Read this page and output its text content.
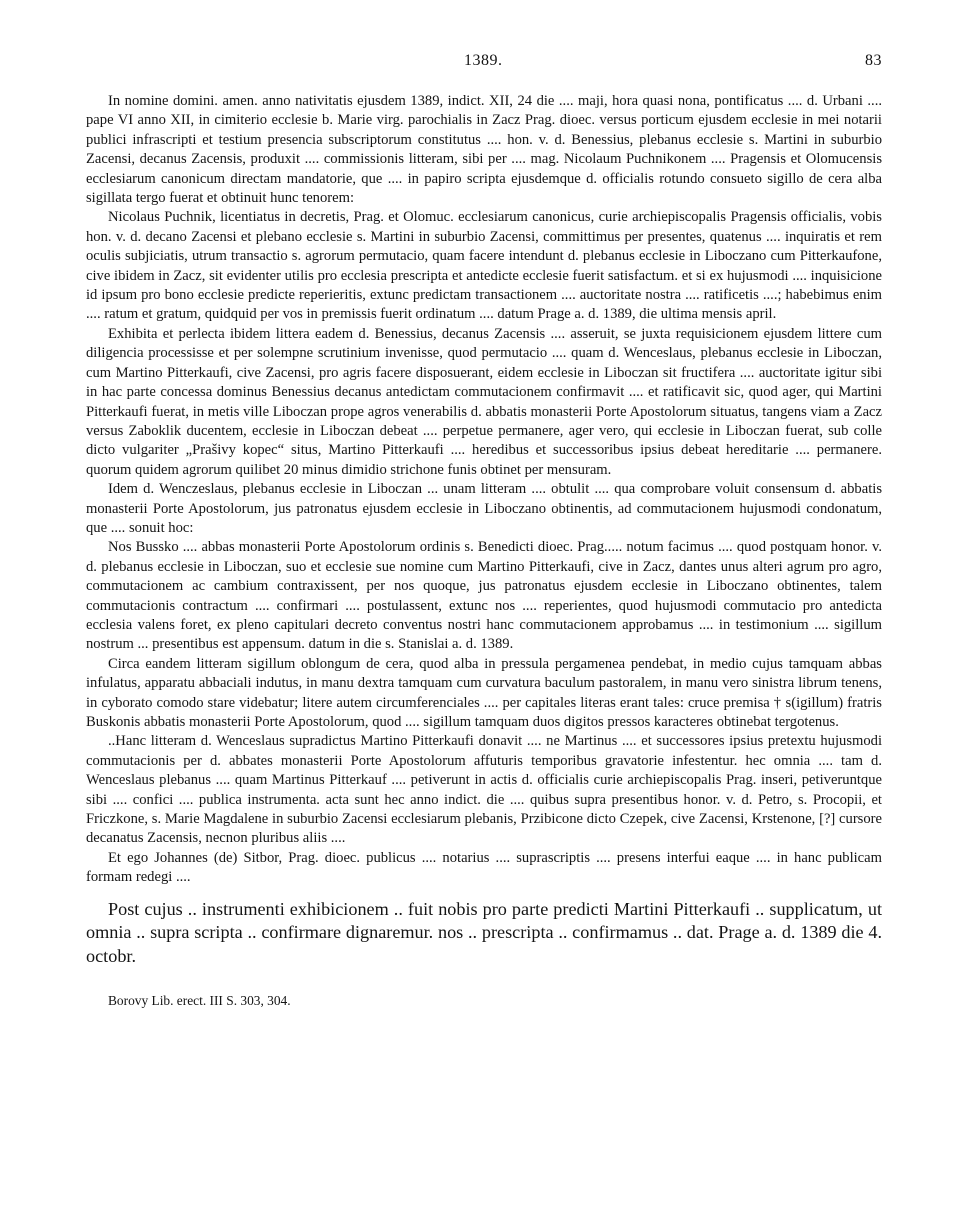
1389.	83

In nomine domini. amen. anno nativitatis ejusdem 1389, indict. XII, 24 die .... maji, hora quasi nona, pontificatus .... d. Urbani .... pape VI anno XII, in cimiterio ecclesie b. Marie virg. parochialis in Zacz Prag. dioec. versus porticum ejusdem ecclesie in mei notarii publici infrascripti et testium presencia subscriptorum constitutus .... hon. v. d. Benessius, plebanus ecclesie s. Martini in suburbio Zacensi, decanus Zacensis, produxit .... commissionis litteram, sibi per .... mag. Nicolaum Puchnikonem .... Pragensis et Olomucensis ecclesiarum canonicum directam mandatorie, que .... in papiro scripta ejusdemque d. officialis rotundo consueto sigillo de cera alba sigillata tergo fuerat et obtinuit hunc tenorem:

Nicolaus Puchnik, licentiatus in decretis, Prag. et Olomuc. ecclesiarum canonicus, curie archiepiscopalis Pragensis officialis, vobis hon. v. d. decano Zacensi et plebano ecclesie s. Martini in suburbio Zacensi, committimus per presentes, quatenus .... inquiratis et rem oculis subjiciatis, utrum transactio s. agrorum permutacio, quam facere intendunt d. plebanus ecclesie in Liboczano cum Pitterkaufone, cive ibidem in Zacz, sit evidenter utilis pro ecclesia prescripta et antedicte ecclesie fuerit satisfactum. et si ex hujusmodi .... inquisicione id ipsum pro bono ecclesie predicte reperieritis, extunc predictam transactionem .... auctoritate nostra .... ratificetis ....; habebimus enim .... ratum et gratum, quidquid per vos in premissis fuerit ordinatum .... datum Prage a. d. 1389, die ultima mensis april.

Exhibita et perlecta ibidem littera eadem d. Benessius, decanus Zacensis .... asseruit, se juxta requisicionem ejusdem littere cum diligencia processisse et per solempne scrutinium invenisse, quod permutacio .... quam d. Wenceslaus, plebanus ecclesie in Liboczan, cum Martino Pitterkaufi, cive Zacensi, pro agris facere disposuerant, eidem ecclesie in Liboczan sit fructifera .... auctoritate igitur sibi in hac parte concessa dominus Benessius decanus antedictam commutacionem confirmavit .... et ratificavit sic, quod ager, qui Martini Pitterkaufi fuerat, in metis ville Liboczan prope agros venerabilis d. abbatis monasterii Porte Apostolorum situatus, tangens viam a Zacz versus Zaboklik ducentem, ecclesie in Liboczan debeat .... perpetue permanere, ager vero, qui ecclesie in Liboczan fuerat, sub colle dicto vulgariter „Prašivy kopec“ situs, Martino Pitterkaufi .... heredibus et successoribus ipsius debeat hereditarie .... permanere. quorum quidem agrorum quilibet 20 minus dimidio strichone funis obtinet per mensuram.

Idem d. Wenczeslaus, plebanus ecclesie in Liboczan ... unam litteram .... obtulit .... qua comprobare voluit consensum d. abbatis monasterii Porte Apostolorum, jus patronatus ejusdem ecclesie in Liboczano obtinentis, ad commutacionem hujusmodi condonatum, que .... sonuit hoc:

Nos Bussko .... abbas monasterii Porte Apostolorum ordinis s. Benedicti dioec. Prag..... notum facimus .... quod postquam honor. v. d. plebanus ecclesie in Liboczan, suo et ecclesie sue nomine cum Martino Pitterkaufi, cive in Zacz, dantes unus alteri agrum pro agro, commutacionem ac cambium contraxissent, per nos quoque, jus patronatus ejusdem ecclesie in Liboczano obtinentes, talem commutacionis contractum .... confirmari .... postulassent, extunc nos .... reperientes, quod hujusmodi commutacio pro antedicta ecclesia valens foret, ex pleno capitulari decreto conventus nostri hanc commutacionem approbamus .... in testimonium .... sigillum nostrum ... presentibus est appensum. datum in die s. Stanislai a. d. 1389.

Circa eandem litteram sigillum oblongum de cera, quod alba in pressula pergamenea pendebat, in medio cujus tamquam abbas infulatus, apparatu abbaciali indutus, in manu dextra tamquam cum curvatura baculum pastoralem, in manu vero sinistra librum tenens, in cyborato comodo stare videbatur; litere autem circumferenciales .... per capitales literas erant tales: cruce premisa † s(igillum) fratris Buskonis abbatis monasterii Porte Apostolorum, quod .... sigillum tamquam duos digitos pressos karacteres obtinebat tergotenus.

..Hanc litteram d. Wenceslaus supradictus Martino Pitterkaufi donavit .... ne Martinus .... et successores ipsius pretextu hujusmodi commutacionis per d. abbates monasterii Porte Apostolorum affuturis temporibus gravatorie infestentur. hec omnia .... tam d. Wenceslaus plebanus .... quam Martinus Pitterkauf .... petiverunt in actis d. officialis curie archiepiscopalis Prag. inseri, petiveruntque sibi .... confici .... publica instrumenta. acta sunt hec anno indict. die .... quibus supra presentibus honor. v. d. Petro, s. Procopii, et Friczkone, s. Marie Magdalene in suburbio Zacensi ecclesiarum plebanis, Przibicone dicto Czepek, cive Zacensi, Krstenone, [?] cursore decanatus Zacensis, necnon pluribus aliis ....

Et ego Johannes (de) Sitbor, Prag. dioec. publicus .... notarius .... suprascriptis .... presens interfui eaque .... in hanc publicam formam redegi ....

Post cujus .. instrumenti exhibicionem .. fuit nobis pro parte predicti Martini Pitterkaufi .. supplicatum, ut omnia .. supra scripta .. confirmare dignaremur. nos .. prescripta .. confirmamus .. dat. Prage a. d. 1389 die 4. octobr.

Borovy Lib. erect. III S. 303, 304.
